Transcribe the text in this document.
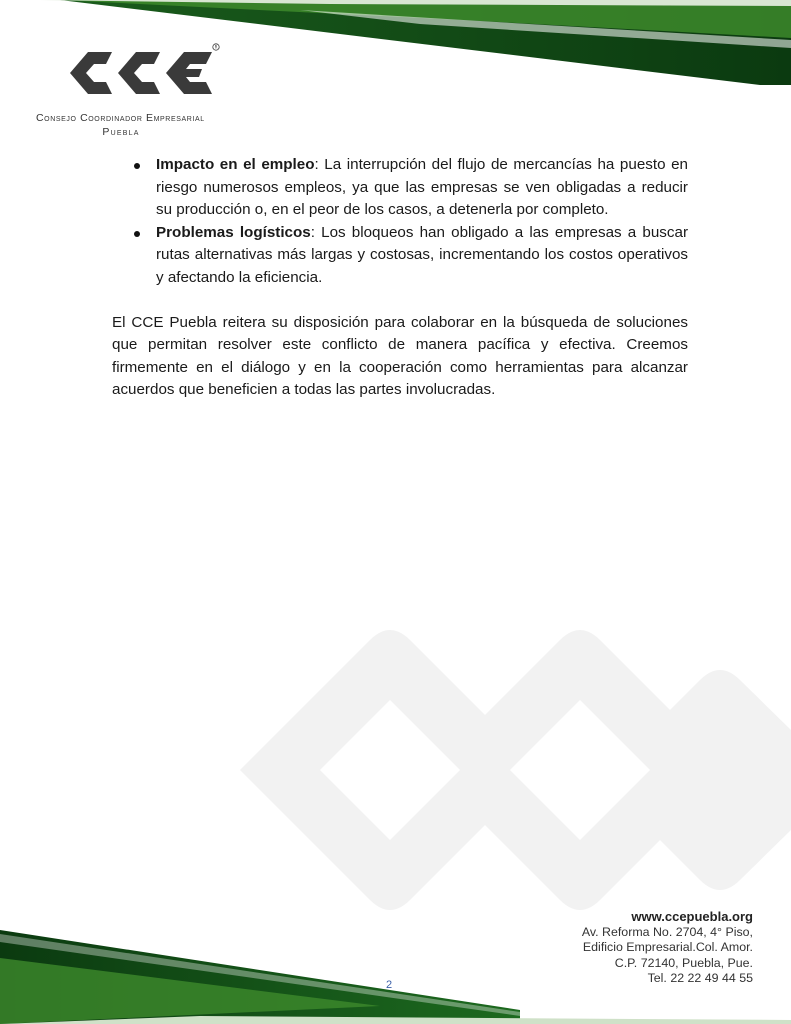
R
CCE
Consejo Coordinador Empresarial
Puebla
Impacto en el empleo: La interrupción del flujo de mercancías ha puesto en riesgo numerosos empleos, ya que las empresas se ven obligadas a reducir su producción o, en el peor de los casos, a detenerla por completo.
Problemas logísticos: Los bloqueos han obligado a las empresas a buscar rutas alternativas más largas y costosas, incrementando los costos operativos y afectando la eficiencia.

El CCE Puebla reitera su disposición para colaborar en la búsqueda de soluciones que permitan resolver este conflicto de manera pacífica y efectiva. Creemos firmemente en el diálogo y en la cooperación como herramientas para alcanzar acuerdos que beneficien a todas las partes involucradas.

www.ccepuebla.org
Av. Reforma No. 2704, 4° Piso,
Edificio Empresarial.Col. Amor.
C.P. 72140, Puebla, Pue.
Tel. 22 22 49 44 55
2
